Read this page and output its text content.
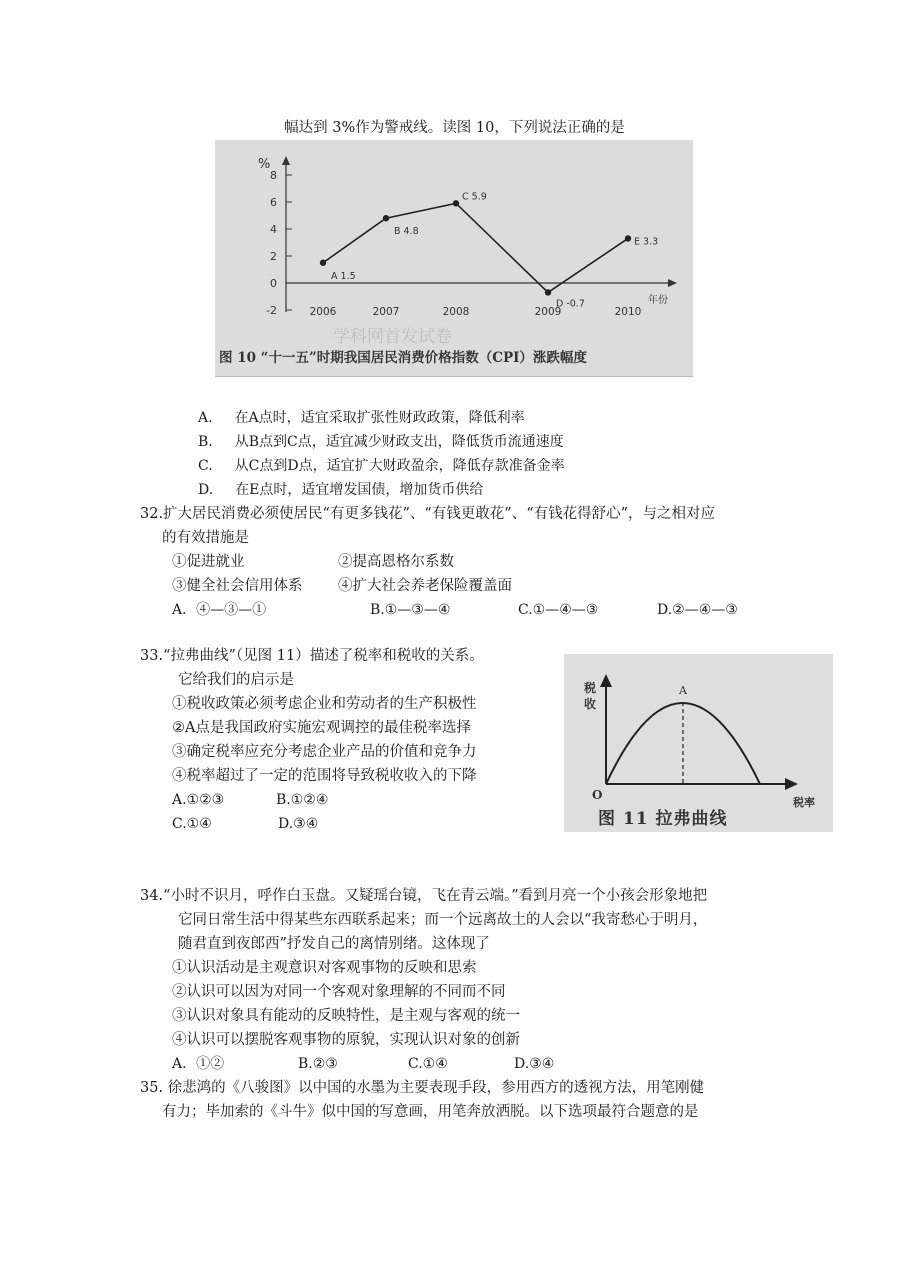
幅达到 3%作为警戒线。读图 10，下列说法正确的是
%
年份
学科网首发试卷
8
6
4
2
0
-2	2006	2007	2008	2009	2010
A 1.5
B 4.8
C 5.9
D -0.7
E 3.3
图 10 “十一五”时期我国居民消费价格指数（CPI）涨跌幅度
A. 在A点时，适宜采取扩张性财政政策，降低利率
B. 从B点到C点，适宜减少财政支出，降低货币流通速度
C. 从C点到D点，适宜扩大财政盈余，降低存款准备金率
D. 在E点时，适宜增发国债，增加货币供给
32.扩大居民消费必须使居民“有更多钱花”、“有钱更敢花”、“有钱花得舒心”，与之相对应
的有效措施是
①促进就业	②提高恩格尔系数
③健全社会信用体系 ④扩大社会养老保险覆盖面
A．④—③—①	B.①—③—④	C.①—④—③	D.②—④—③
33.“拉弗曲线”（见图 11）描述了税率和税收的关系。
它给我们的启示是
①税收政策必须考虑企业和劳动者的生产积极性
②A点是我国政府实施宏观调控的最佳税率选择
③确定税率应充分考虑企业产品的价值和竞争力
④税率超过了一定的范围将导致税收收入的下降
A.①②③	B.①②④
C.①④	D.③④
税
收
O
A
税率
图 11 拉弗曲线
34.“小时不识月，呼作白玉盘。又疑瑶台镜，飞在青云端。”看到月亮一个小孩会形象地把
它同日常生活中得某些东西联系起来；而一个远离故土的人会以“我寄愁心于明月，
随君直到夜郎西”抒发自己的离情别绪。这体现了
①认识活动是主观意识对客观事物的反映和思索
②认识可以因为对同一个客观对象理解的不同而不同
③认识对象具有能动的反映特性，是主观与客观的统一
④认识可以摆脱客观事物的原貌，实现认识对象的创新
A．①②	B.②③	C.①④	D.③④
35. 徐悲鸿的《八骏图》以中国的水墨为主要表现手段，参用西方的透视方法，用笔刚健
有力；毕加索的《斗牛》似中国的写意画，用笔奔放洒脱。以下选项最符合题意的是
